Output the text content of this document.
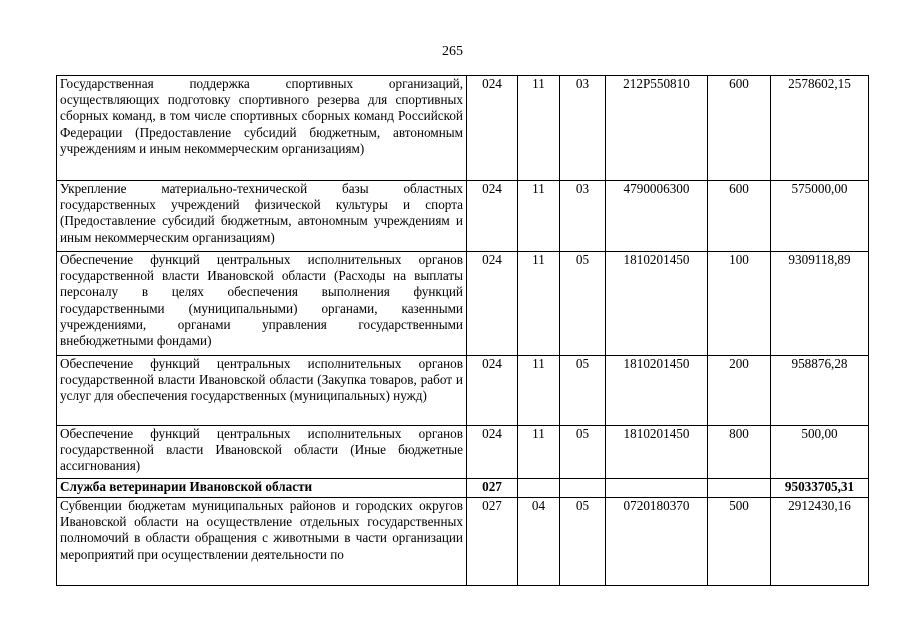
265
Государственная поддержка спортивных организаций, осуществляющих подготовку спортивного резерва для спортивных сборных команд, в том числе спортивных сборных команд Российской Федерации (Предоставление субсидий бюджетным, автономным учреждениям и иным некоммерческим организациям)	024	11	03	212P550810	600	2578602,15
Укрепление материально-технической базы областных государственных учреждений физической культуры и спорта (Предоставление субсидий бюджетным, автономным учреждениям и иным некоммерческим организациям)	024	11	03	4790006300	600	575000,00
Обеспечение функций центральных исполнительных органов государственной власти Ивановской области (Расходы на выплаты персоналу в целях обеспечения выполнения функций государственными (муниципальными) органами, казенными учреждениями, органами управления государственными внебюджетными фондами)	024	11	05	1810201450	100	9309118,89
Обеспечение функций центральных исполнительных органов государственной власти Ивановской области (Закупка товаров, работ и услуг для обеспечения государственных (муниципальных) нужд)	024	11	05	1810201450	200	958876,28
Обеспечение функций центральных исполнительных органов государственной власти Ивановской области (Иные бюджетные ассигнования)	024	11	05	1810201450	800	500,00
Служба ветеринарии Ивановской области	027					95033705,31
Субвенции бюджетам муниципальных районов и городских округов Ивановской области на осуществление отдельных государственных полномочий в области обращения с животными в части организации мероприятий при осуществлении деятельности по	027	04	05	0720180370	500	2912430,16
